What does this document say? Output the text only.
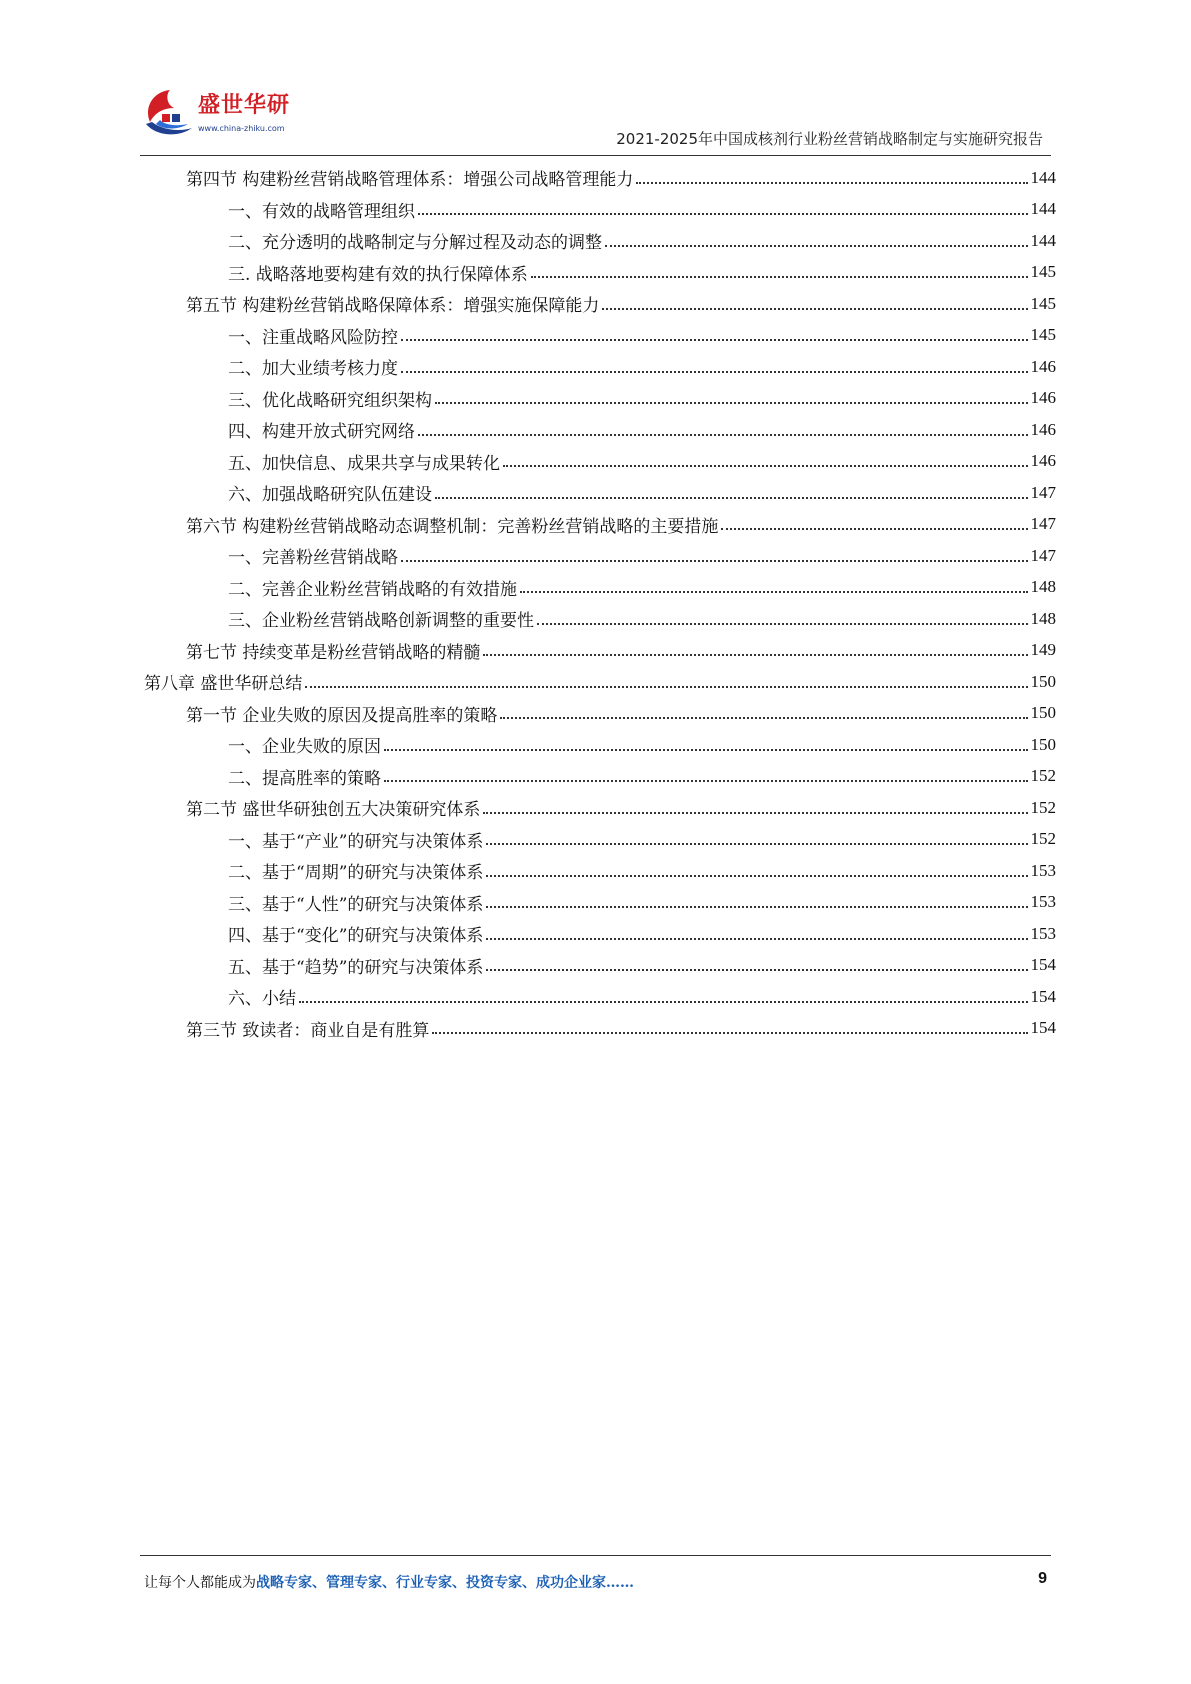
盛世华研
www.china-zhiku.com
2021-2025年中国成核剂行业粉丝营销战略制定与实施研究报告
第四节 构建粉丝营销战略管理体系：增强公司战略管理能力	144
一、有效的战略管理组织	144
二、充分透明的战略制定与分解过程及动态的调整	144
三. 战略落地要构建有效的执行保障体系	145
第五节 构建粉丝营销战略保障体系：增强实施保障能力	145
一、注重战略风险防控	145
二、加大业绩考核力度	146
三、优化战略研究组织架构	146
四、构建开放式研究网络	146
五、加快信息、成果共享与成果转化	146
六、加强战略研究队伍建设	147
第六节 构建粉丝营销战略动态调整机制：完善粉丝营销战略的主要措施	147
一、完善粉丝营销战略	147
二、完善企业粉丝营销战略的有效措施	148
三、企业粉丝营销战略创新调整的重要性	148
第七节 持续变革是粉丝营销战略的精髓	149
第八章 盛世华研总结	150
第一节 企业失败的原因及提高胜率的策略	150
一、企业失败的原因	150
二、提高胜率的策略	152
第二节 盛世华研独创五大决策研究体系	152
一、基于“产业”的研究与决策体系	152
二、基于“周期”的研究与决策体系	153
三、基于“人性”的研究与决策体系	153
四、基于“变化”的研究与决策体系	153
五、基于“趋势”的研究与决策体系	154
六、小结	154
第三节 致读者：商业自是有胜算	154
让每个人都能成为战略专家、管理专家、行业专家、投资专家、成功企业家……	9
